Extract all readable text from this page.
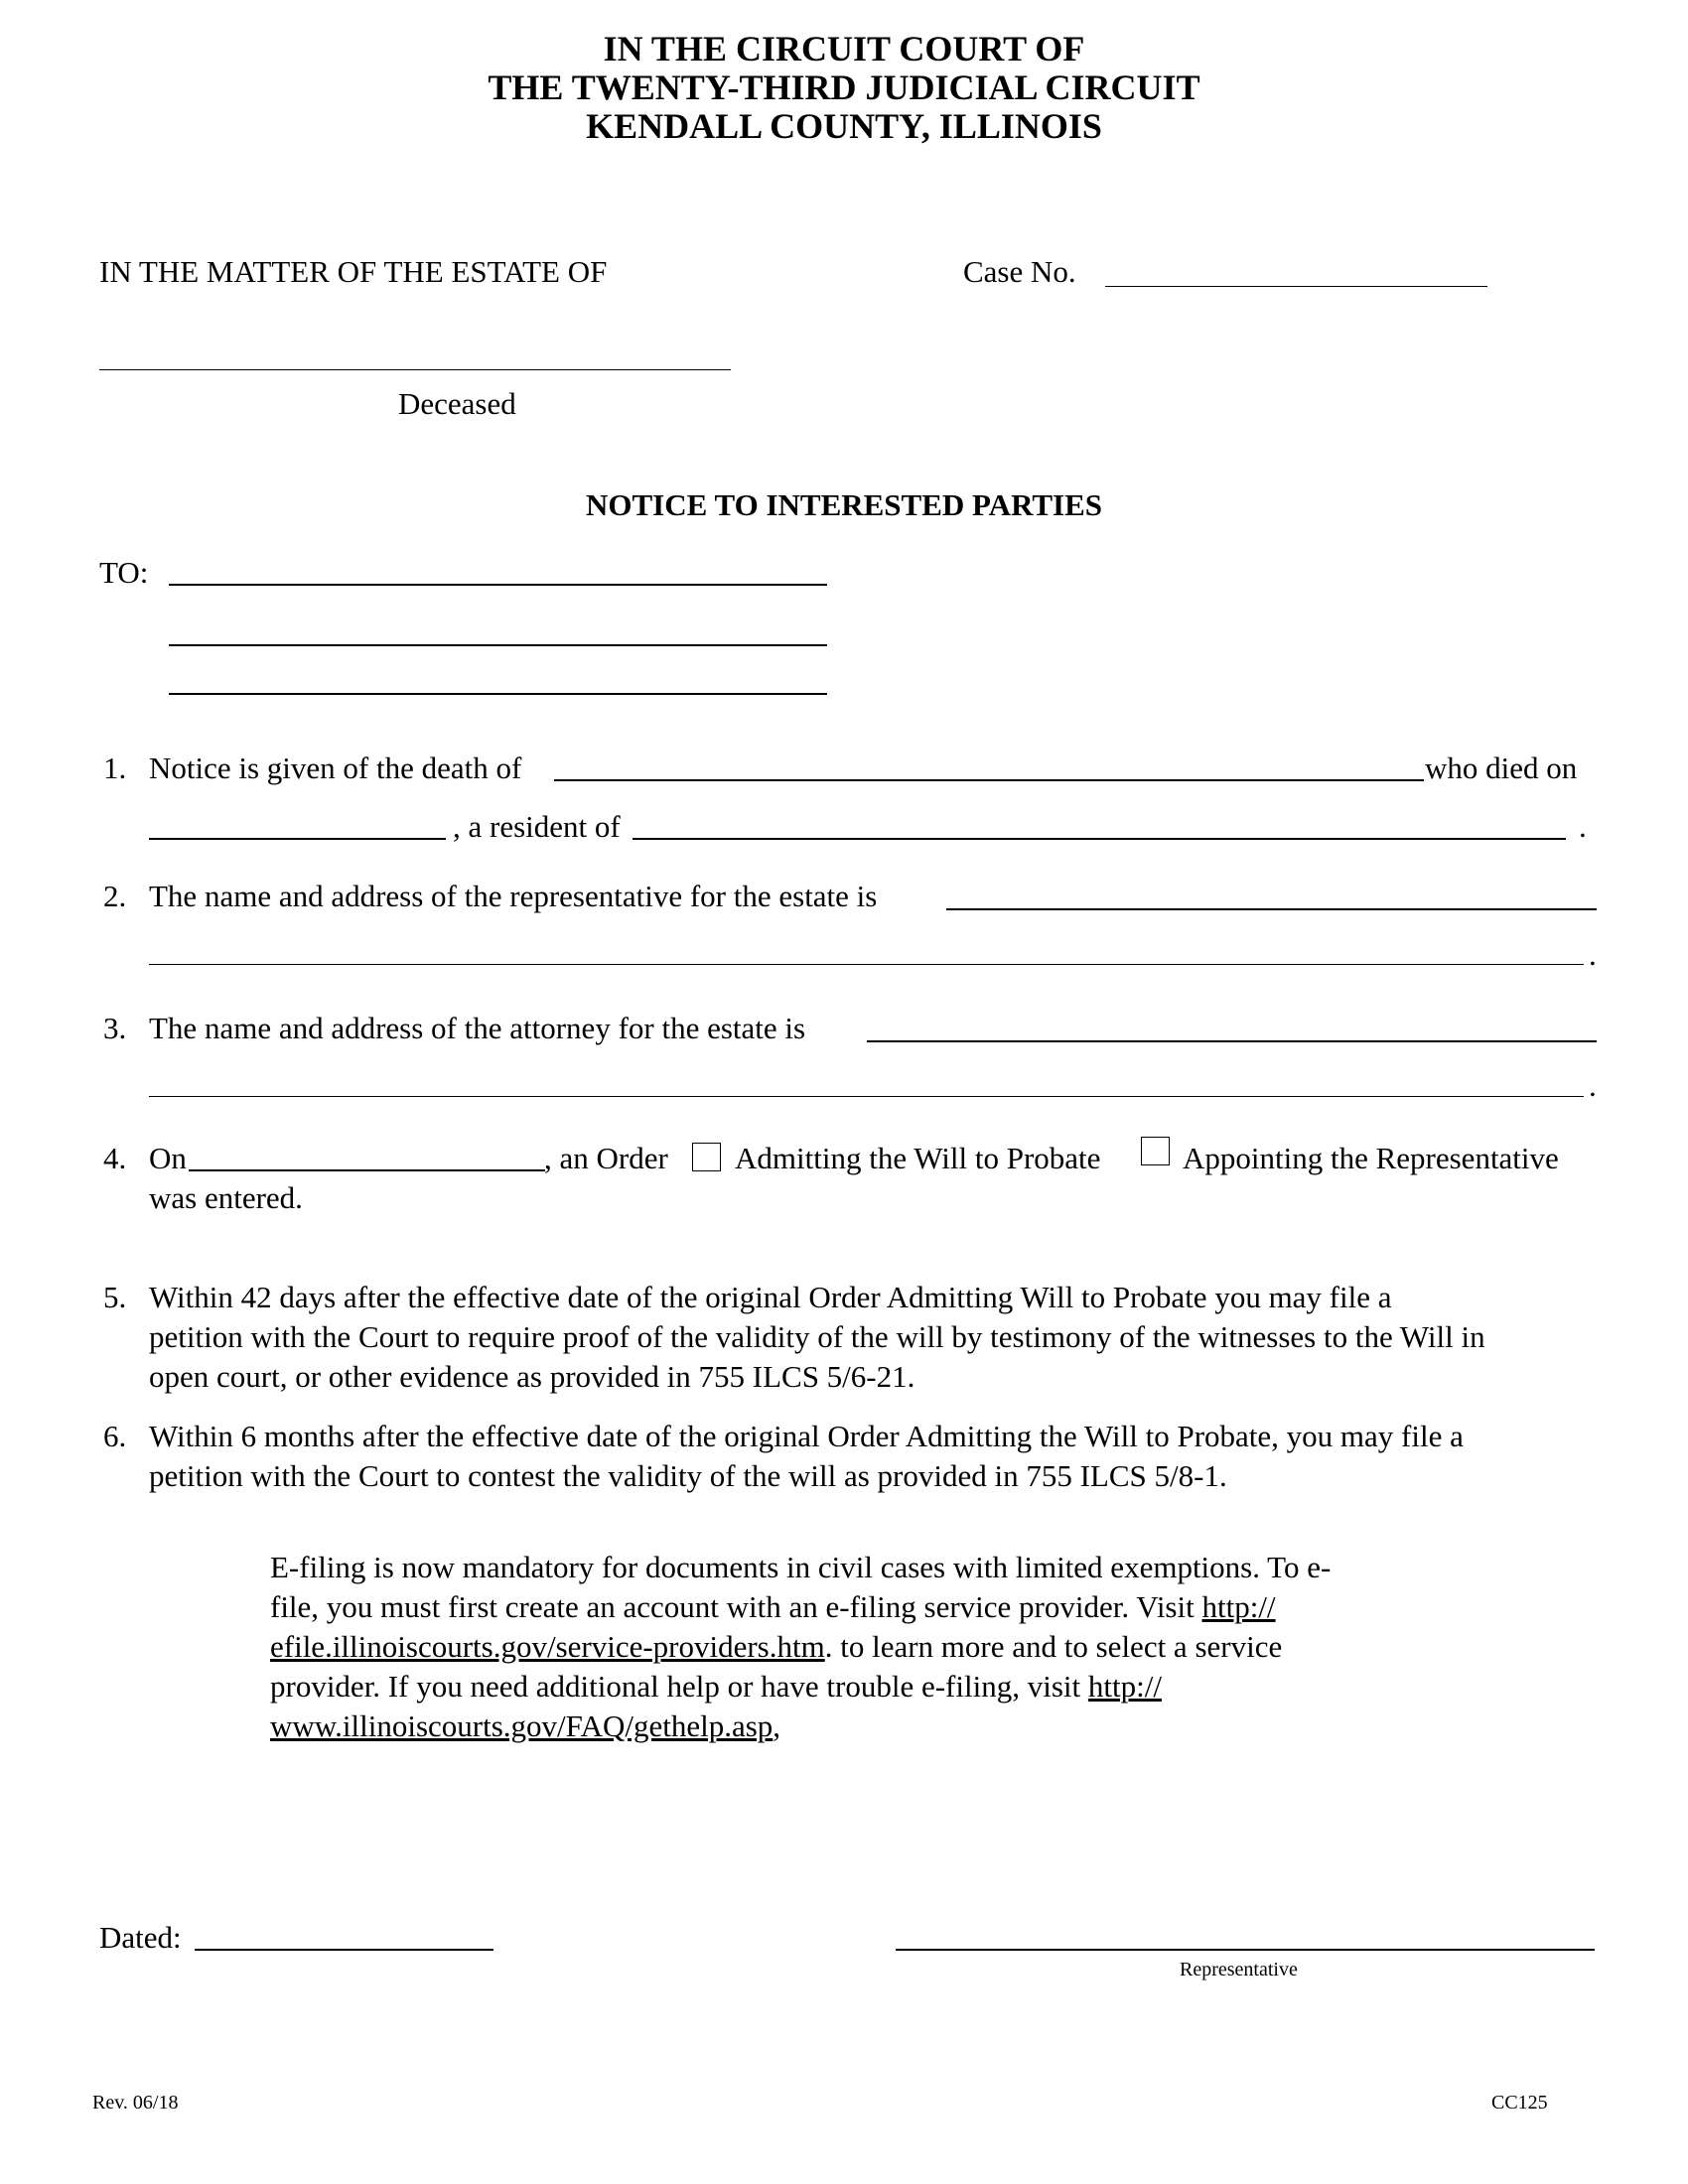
IN THE CIRCUIT COURT OF
THE TWENTY-THIRD JUDICIAL CIRCUIT
KENDALL COUNTY, ILLINOIS
IN THE MATTER OF THE ESTATE OF	Case No.
Deceased
NOTICE TO INTERESTED PARTIES
TO:
1. Notice is given of the death of	who died on
, a resident of	.
2. The name and address of the representative for the estate is
.
3. The name and address of the attorney for the estate is
.
4. On	, an Order Admitting the Will to Probate	Appointing the Representative
was entered.
5. Within 42 days after the effective date of the original Order Admitting Will to Probate you may file a
petition with the Court to require proof of the validity of the will by testimony of the witnesses to the Will in
open court, or other evidence as provided in 755 ILCS 5/6-21.
6. Within 6 months after the effective date of the original Order Admitting the Will to Probate, you may file a
petition with the Court to contest the validity of the will as provided in 755 ILCS 5/8-1.
E-filing is now mandatory for documents in civil cases with limited exemptions. To e-
file, you must first create an account with an e-filing service provider. Visit http://
efile.illinoiscourts.gov/service-providers.htm. to learn more and to select a service
provider. If you need additional help or have trouble e-filing, visit http://
www.illinoiscourts.gov/FAQ/gethelp.asp,
Dated:
Representative
Rev. 06/18	CC125
